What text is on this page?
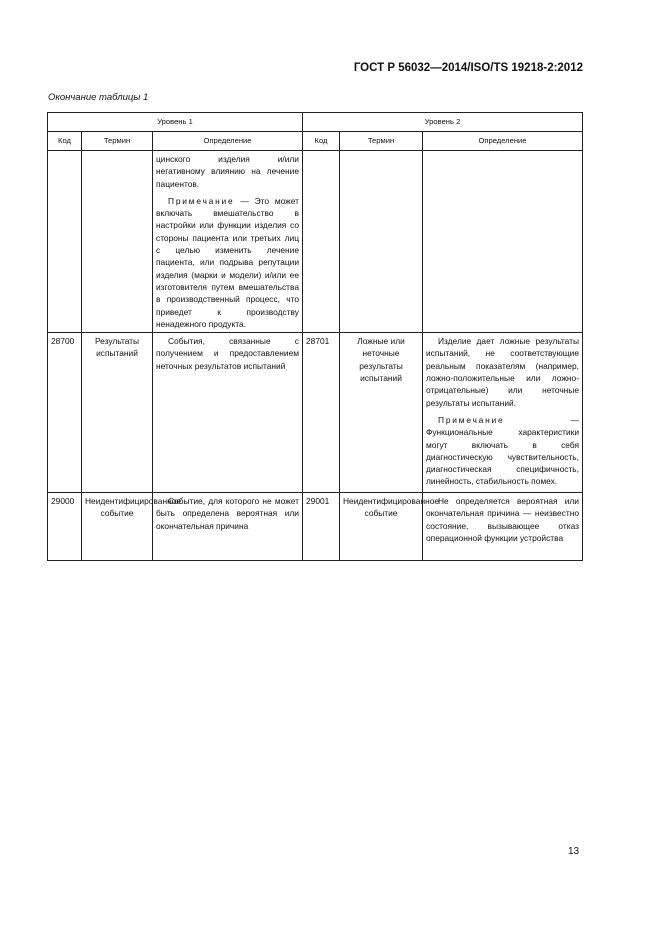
ГОСТ Р 56032—2014/ISO/TS 19218-2:2012
Окончание таблицы 1
Уровень 1			Уровень 2		
Код	Термин	Определение	Код	Термин	Определение

		цинского изделия и/или негативному влиянию на лечение пациентов.

Примечание — Это может включать вмешательство в настройки или функции изделия со стороны пациента или третьих лиц с целью изменить лечение пациента, или подрыва репутации изделия (марки и модели) и/или ее изготовителя путем вмешательства в производственный процесс, что приведет к производству ненадежного продукта.			

28700	Результаты испытаний	События, связанные с получением и предоставлением неточных результатов испытаний	28701	Ложные или неточные результаты испытаний	Изделие дает ложные результаты испытаний, не соответствующие реальным показателям (например, ложно-положительные или ложно-отрицательные) или неточные результаты испытаний.

Примечание — Функциональные характеристики могут включать в себя диагностическую чувствительность, диагностическая специфичность, линейность, стабильность помех.

29000	Неидентифицированное событие	Событие, для которого не может быть определена вероятная или окончательная причина	29001	Неидентифицированное событие	Не определяется вероятная или окончательная причина — неизвестно состояние, вызывающее отказ операционной функции устройства
13
